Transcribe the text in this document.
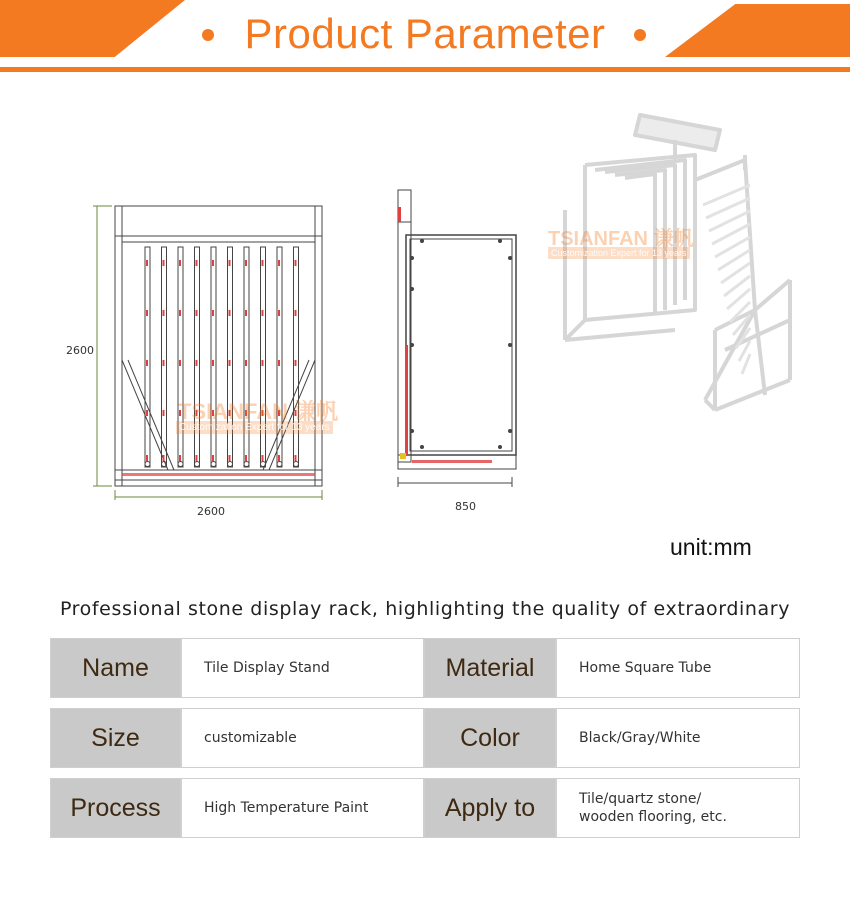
Product Parameter
2600
2600	850
TSIANFAN 谦帆
Customization Expert for 13 years
TSIANFAN 谦帆
Customization Expert for 13 years
unit:mm
Professional stone display rack, highlighting the quality of extraordinary
Name	Tile Display Stand	Material	Home Square Tube
Size	customizable	Color	Black/Gray/White
Process	High Temperature Paint	Apply to	Tile/quartz stone/
wooden flooring, etc.
